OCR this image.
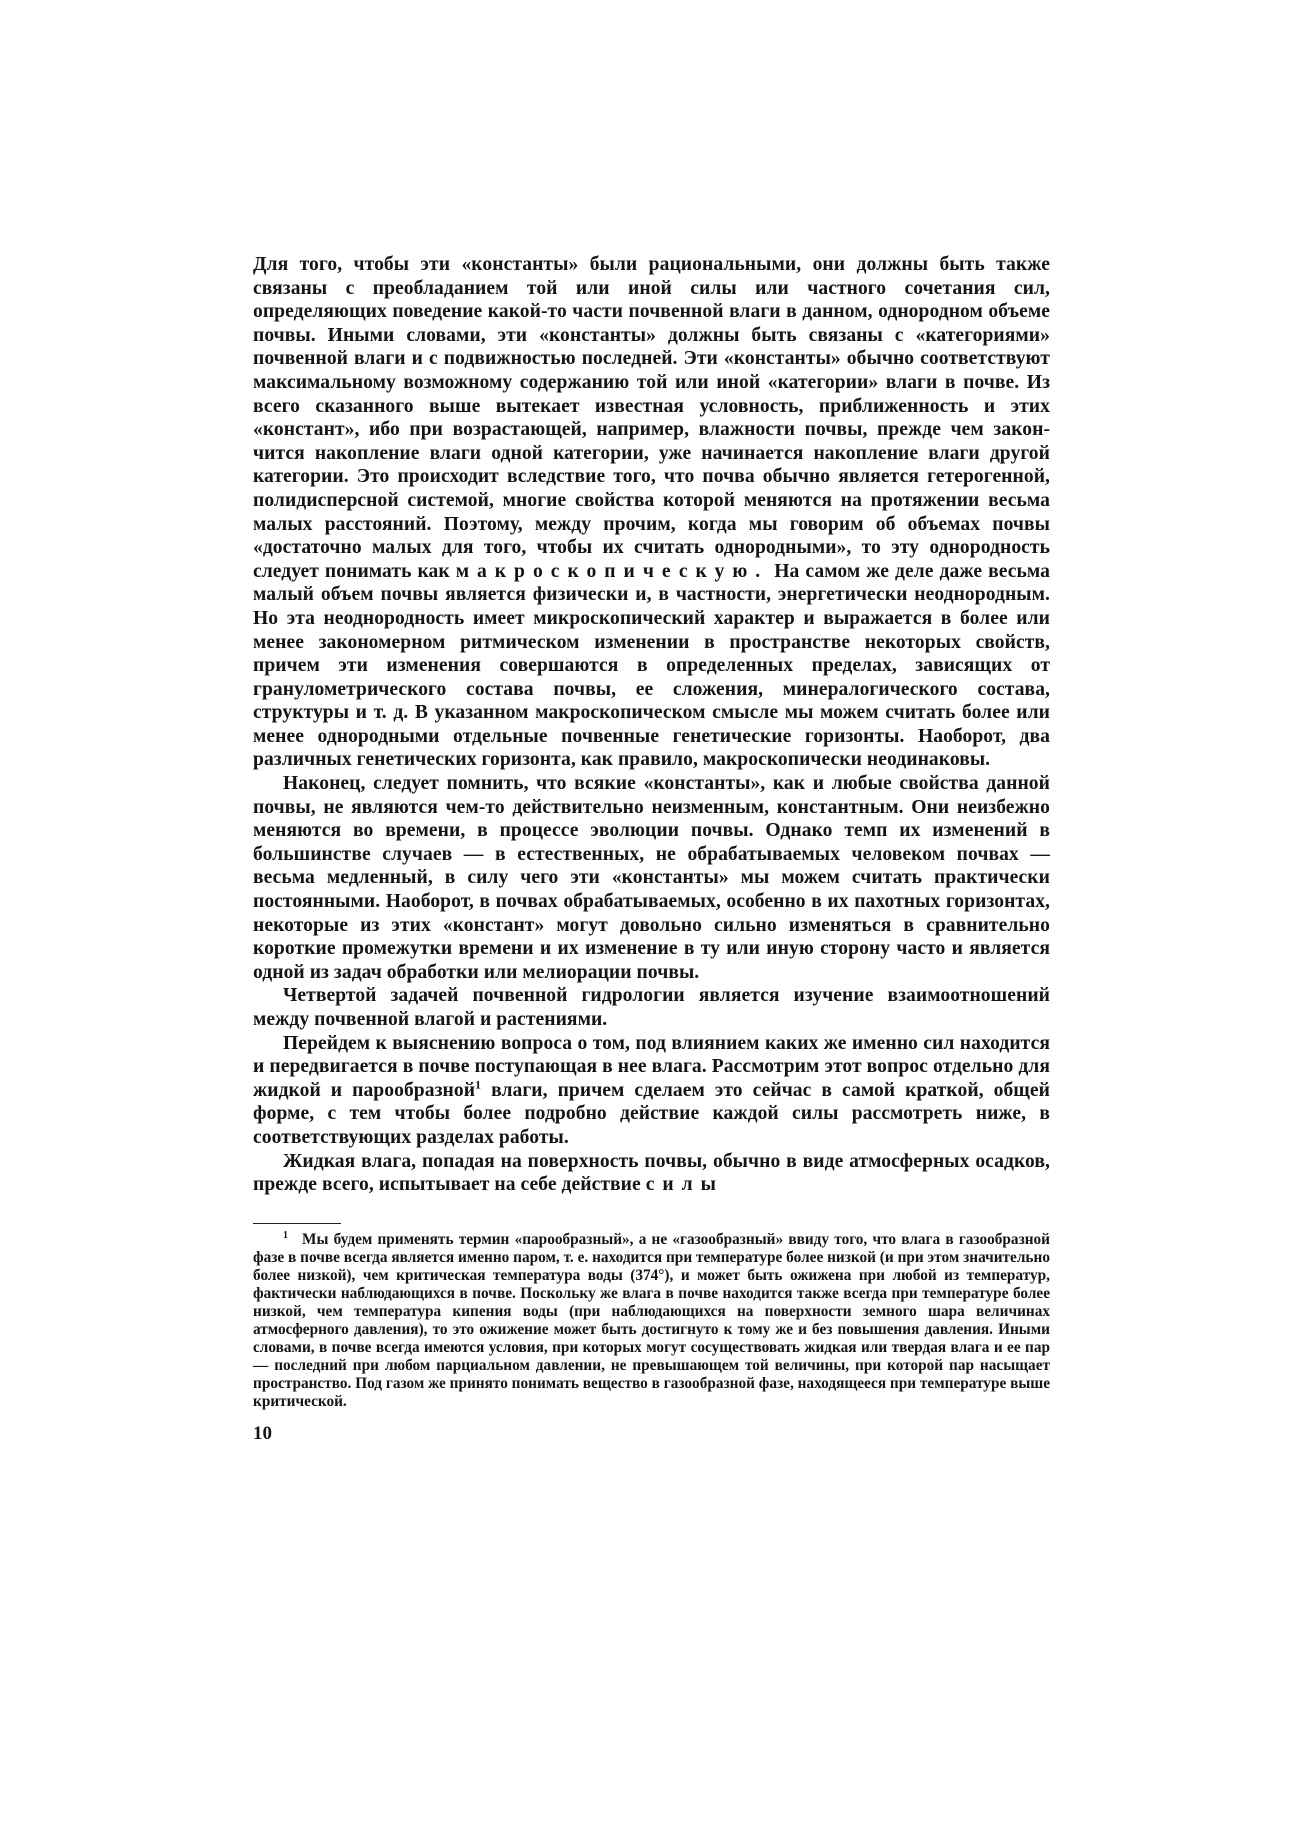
Для того, чтобы эти «константы» были рациональными, они должны быть также связаны с преобладанием той или иной силы или частного сочетания сил, определяющих поведение какой-то части почвенной влаги в данном, однородном объеме почвы. Иными словами, эти «константы» должны быть связаны с «категориями» почвенной влаги и с подвижностью последней. Эти «константы» обычно соответствуют максимальному возможному содержанию той или иной «категории» влаги в почве. Из всего сказанного выше вытекает известная условность, приближенность и этих «констант», ибо при возрастающей, например, влажности почвы, прежде чем закончится накопление влаги одной категории, уже начинается накопление влаги другой категории. Это происходит вследствие того, что почва обычно является гетерогенной, полидисперсной системой, многие свойства которой меняются на протяжении весьма малых расстояний. Поэтому, между прочим, когда мы говорим об объемах почвы «достаточно малых для того, чтобы их считать однородными», то эту однородность следует понимать как макроскопическую. На самом же деле даже весьма малый объем почвы является физически и, в частности, энергетически неоднородным. Но эта неоднородность имеет микроскопический характер и выражается в более или менее закономерном ритмическом изменении в пространстве некоторых свойств, причем эти изменения совершаются в определенных пределах, зависящих от гранулометрического состава почвы, ее сложения, минералогического состава, структуры и т. д. В указанном макроскопическом смысле мы можем считать более или менее однородными отдельные почвенные генетические горизонты. Наоборот, два различных генетических горизонта, как правило, макроскопически неодинаковы.

Наконец, следует помнить, что всякие «константы», как и любые свойства данной почвы, не являются чем-то действительно неизменным, константным. Они неизбежно меняются во времени, в процессе эволюции почвы. Однако темп их изменений в большинстве случаев — в естественных, не обрабатываемых человеком почвах — весьма медленный, в силу чего эти «константы» мы можем считать практически постоянными. Наоборот, в почвах обрабатываемых, особенно в их пахотных горизонтах, некоторые из этих «констант» могут довольно сильно изменяться в сравнительно короткие промежутки времени и их изменение в ту или иную сторону часто и является одной из задач обработки или мелиорации почвы.

Четвертой задачей почвенной гидрологии является изучение взаимоотношений между почвенной влагой и растениями.

Перейдем к выяснению вопроса о том, под влиянием каких же именно сил находится и передвигается в почве поступающая в нее влага. Рассмотрим этот вопрос отдельно для жидкой и парообразной$^1$ влаги, причем сделаем это сейчас в самой краткой, общей форме, с тем чтобы более подробно действие каждой силы рассмотреть ниже, в соответствующих разделах работы.

Жидкая влага, попадая на поверхность почвы, обычно в виде атмосферных осадков, прежде всего, испытывает на себе действие силы

$^1$ Мы будем применять термин «парообразный», а не «газообразный» ввиду того, что влага в газообразной фазе в почве всегда является именно паром, т. е. находится при температуре более низкой (и при этом значительно более низкой), чем критическая температура воды (374°), и может быть ожижена при любой из температур, фактически наблюдающихся в почве. Поскольку же влага в почве находится также всегда при температуре более низкой, чем температура кипения воды (при наблюдающихся на поверхности земного шара величинах атмосферного давления), то это ожижение может быть достигнуто к тому же и без повышения давления. Иными словами, в почве всегда имеются условия, при которых могут сосуществовать жидкая или твердая влага и ее пар — последний при любом парциальном давлении, не превышающем той величины, при которой пар насыщает пространство. Под газом же принято понимать вещество в газообразной фазе, находящееся при температуре выше критической.
10
